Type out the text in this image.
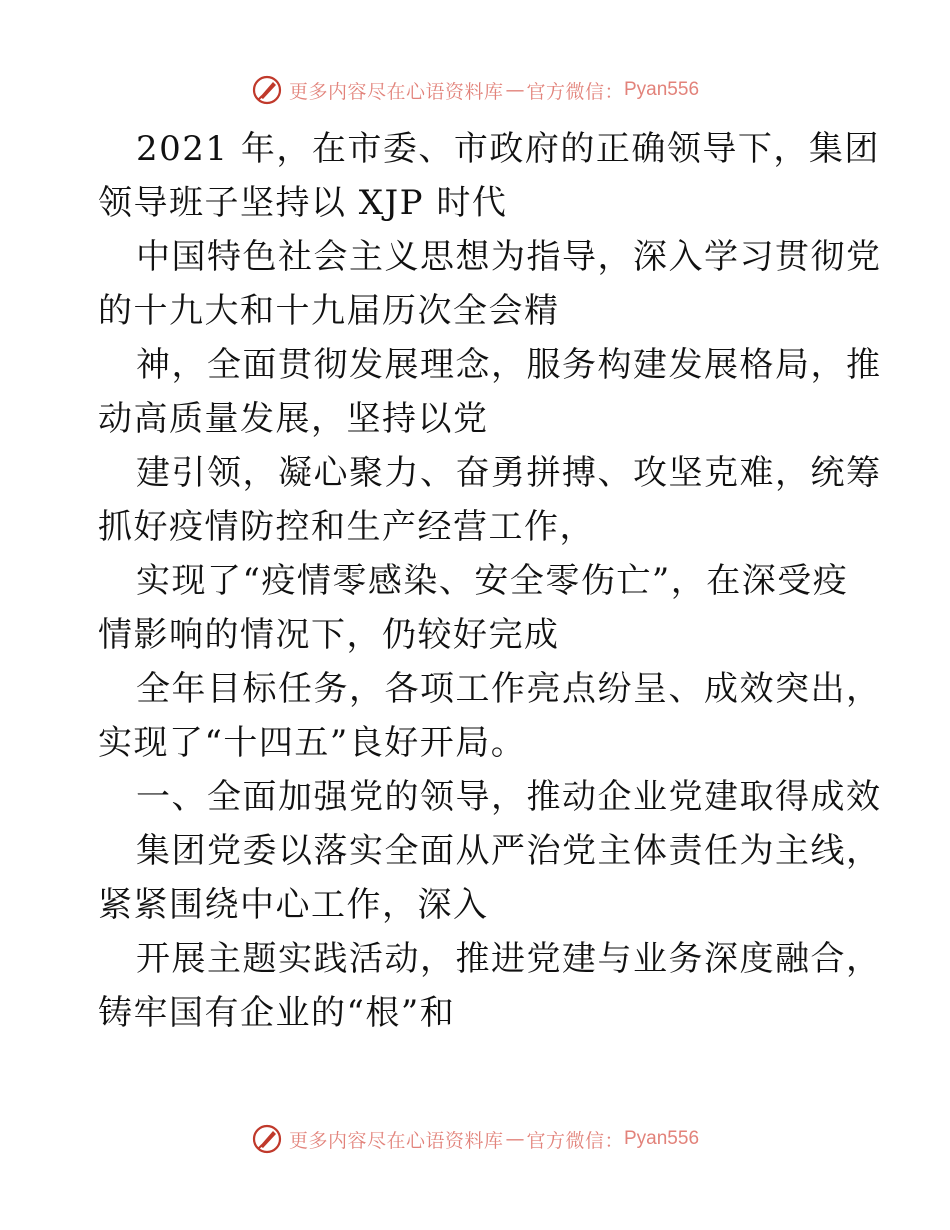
更多内容尽在心语资料库 — 官方微信： Pyan556

2021 年，在市委、市政府的正确领导下，集团
领导班子坚持以 XJP 时代

中国特色社会主义思想为指导，深入学习贯彻党
的十九大和十九届历次全会精

神，全面贯彻发展理念，服务构建发展格局，推
动高质量发展，坚持以党

建引领，凝心聚力、奋勇拼搏、攻坚克难，统筹
抓好疫情防控和生产经营工作，

实现了“疫情零感染、安全零伤亡”，在深受疫
情影响的情况下，仍较好完成

全年目标任务，各项工作亮点纷呈、成效突出，
实现了“十四五”良好开局。

一、全面加强党的领导，推动企业党建取得成效

集团党委以落实全面从严治党主体责任为主线，
紧紧围绕中心工作，深入

开展主题实践活动，推进党建与业务深度融合，
铸牢国有企业的“根”和

更多内容尽在心语资料库 — 官方微信： Pyan556
